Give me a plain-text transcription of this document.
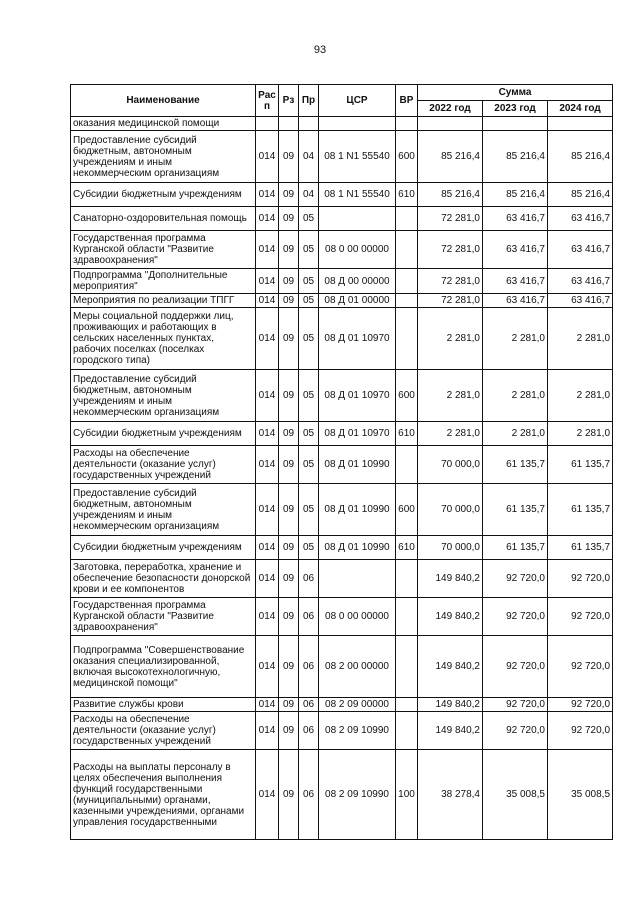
93
Наименование	Рас п	Рз	Пр	ЦСР	ВР	Сумма		
						2022 год	2023 год	2024 год
оказания медицинской помощи								
Предоставление субсидий бюджетным, автономным учреждениям и иным некоммерческим организациям	014	09	04	08 1 N1 55540	600	85 216,4	85 216,4	85 216,4
Субсидии бюджетным учреждениям	014	09	04	08 1 N1 55540	610	85 216,4	85 216,4	85 216,4
Санаторно-оздоровительная помощь	014	09	05			72 281,0	63 416,7	63 416,7
Государственная программа Курганской области "Развитие здравоохранения"	014	09	05	08 0 00 00000		72 281,0	63 416,7	63 416,7
Подпрограмма "Дополнительные мероприятия"	014	09	05	08 Д 00 00000		72 281,0	63 416,7	63 416,7
Мероприятия по реализации ТПГГ	014	09	05	08 Д 01 00000		72 281,0	63 416,7	63 416,7
Меры социальной поддержки лиц, проживающих и работающих в сельских населенных пунктах, рабочих поселках (поселках городского типа)	014	09	05	08 Д 01 10970		2 281,0	2 281,0	2 281,0
Предоставление субсидий бюджетным, автономным учреждениям и иным некоммерческим организациям	014	09	05	08 Д 01 10970	600	2 281,0	2 281,0	2 281,0
Субсидии бюджетным учреждениям	014	09	05	08 Д 01 10970	610	2 281,0	2 281,0	2 281,0
Расходы на обеспечение деятельности (оказание услуг) государственных учреждений	014	09	05	08 Д 01 10990		70 000,0	61 135,7	61 135,7
Предоставление субсидий бюджетным, автономным учреждениям и иным некоммерческим организациям	014	09	05	08 Д 01 10990	600	70 000,0	61 135,7	61 135,7
Субсидии бюджетным учреждениям	014	09	05	08 Д 01 10990	610	70 000,0	61 135,7	61 135,7
Заготовка, переработка, хранение и обеспечение безопасности донорской крови и ее компонентов	014	09	06			149 840,2	92 720,0	92 720,0
Государственная программа Курганской области "Развитие здравоохранения"	014	09	06	08 0 00 00000		149 840,2	92 720,0	92 720,0
Подпрограмма "Совершенствование оказания специализированной, включая высокотехнологичную, медицинской помощи"	014	09	06	08 2 00 00000		149 840,2	92 720,0	92 720,0
Развитие службы крови	014	09	06	08 2 09 00000		149 840,2	92 720,0	92 720,0
Расходы на обеспечение деятельности (оказание услуг) государственных учреждений	014	09	06	08 2 09 10990		149 840,2	92 720,0	92 720,0
Расходы на выплаты персоналу в целях обеспечения выполнения функций государственными (муниципальными) органами, казенными учреждениями, органами управления государственными	014	09	06	08 2 09 10990	100	38 278,4	35 008,5	35 008,5
